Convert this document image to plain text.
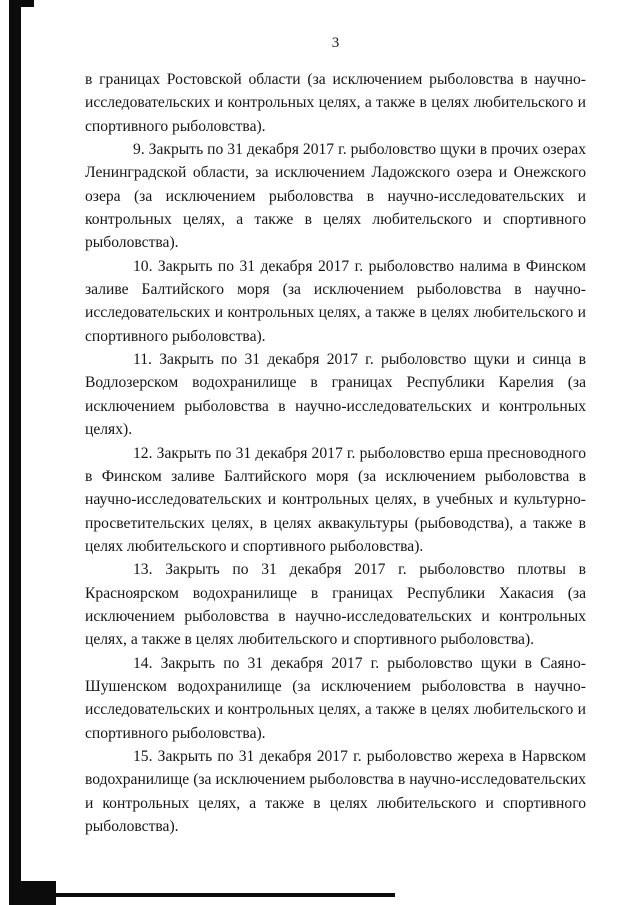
3

в границах Ростовской области (за исключением рыболовства в научно-исследовательских и контрольных целях, а также в целях любительского и спортивного рыболовства).

9. Закрыть по 31 декабря 2017 г. рыболовство щуки в прочих озерах Ленинградской области, за исключением Ладожского озера и Онежского озера (за исключением рыболовства в научно-исследовательских и контрольных целях, а также в целях любительского и спортивного рыболовства).

10. Закрыть по 31 декабря 2017 г. рыболовство налима в Финском заливе Балтийского моря (за исключением рыболовства в научно-исследовательских и контрольных целях, а также в целях любительского и спортивного рыболовства).

11. Закрыть по 31 декабря 2017 г. рыболовство щуки и синца в Водлозерском водохранилище в границах Республики Карелия (за исключением рыболовства в научно-исследовательских и контрольных целях).

12. Закрыть по 31 декабря 2017 г. рыболовство ерша пресноводного в Финском заливе Балтийского моря (за исключением рыболовства в научно-исследовательских и контрольных целях, в учебных и культурно-просветительских целях, в целях аквакультуры (рыбоводства), а также в целях любительского и спортивного рыболовства).

13. Закрыть по 31 декабря 2017 г. рыболовство плотвы в Красноярском водохранилище в границах Республики Хакасия (за исключением рыболовства в научно-исследовательских и контрольных целях, а также в целях любительского и спортивного рыболовства).

14. Закрыть по 31 декабря 2017 г. рыболовство щуки в Саяно-Шушенском водохранилище (за исключением рыболовства в научно-исследовательских и контрольных целях, а также в целях любительского и спортивного рыболовства).

15. Закрыть по 31 декабря 2017 г. рыболовство жереха в Нарвском водохранилище (за исключением рыболовства в научно-исследовательских и контрольных целях, а также в целях любительского и спортивного рыболовства).
